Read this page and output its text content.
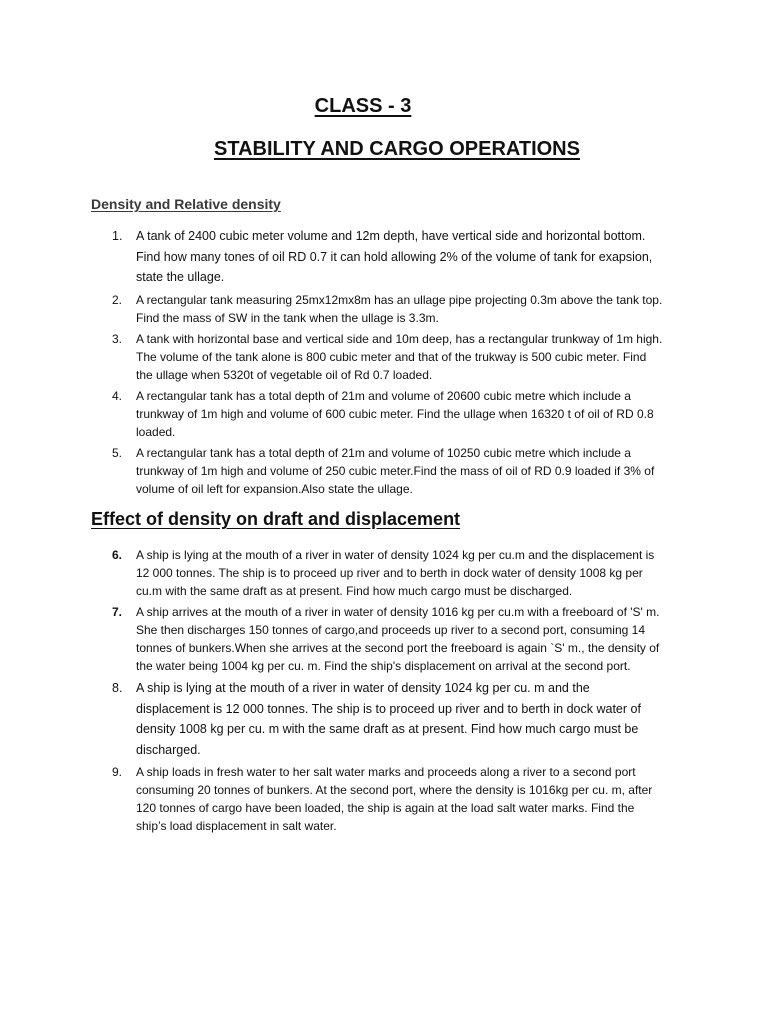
CLASS - 3
STABILITY AND CARGO OPERATIONS
Density and Relative density
1. A tank of 2400 cubic meter volume and 12m depth, have vertical side and horizontal bottom. Find how many tones of oil RD 0.7 it can hold allowing 2% of the volume of tank for exapsion, state the ullage.
2. A rectangular tank measuring 25mx12mx8m has an ullage pipe projecting 0.3m above the tank top. Find the mass of SW in the tank when the ullage is 3.3m.
3. A tank with horizontal base and vertical side and 10m deep, has a rectangular trunkway of 1m high. The volume of the tank alone is 800 cubic meter and that of the trukway is 500 cubic meter. Find the ullage when 5320t of vegetable oil of Rd 0.7 loaded.
4. A rectangular tank has a total depth of 21m and volume of 20600 cubic metre which include a trunkway of 1m high and volume of 600 cubic meter. Find the ullage when 16320 t of oil of RD 0.8 loaded.
5. A rectangular tank has a total depth of 21m and volume of 10250 cubic metre which include a trunkway of 1m high and volume of 250 cubic meter.Find the mass of oil of RD 0.9 loaded if 3% of volume of oil left for expansion.Also state the ullage.
Effect of density on draft and displacement
6. A ship is lying at the mouth of a river in water of density 1024 kg per cu.m and the displacement is 12 000 tonnes. The ship is to proceed up river and to berth in dock water of density 1008 kg per cu.m with the same draft as at present. Find how much cargo must be discharged.
7. A ship arrives at the mouth of a river in water of density 1016 kg per cu.m with a freeboard of 'S' m. She then discharges 150 tonnes of cargo,and proceeds up river to a second port, consuming 14 tonnes of bunkers.When she arrives at the second port the freeboard is again `S' m., the density of the water being 1004 kg per cu. m. Find the ship's displacement on arrival at the second port.
8. A ship is lying at the mouth of a river in water of density 1024 kg per cu. m and the displacement is 12 000 tonnes. The ship is to proceed up river and to berth in dock water of density 1008 kg per cu. m with the same draft as at present. Find how much cargo must be discharged.
9. A ship loads in fresh water to her salt water marks and proceeds along a river to a second port consuming 20 tonnes of bunkers. At the second port, where the density is 1016kg per cu. m, after 120 tonnes of cargo have been loaded, the ship is again at the load salt water marks. Find the ship’s load displacement in salt water.
